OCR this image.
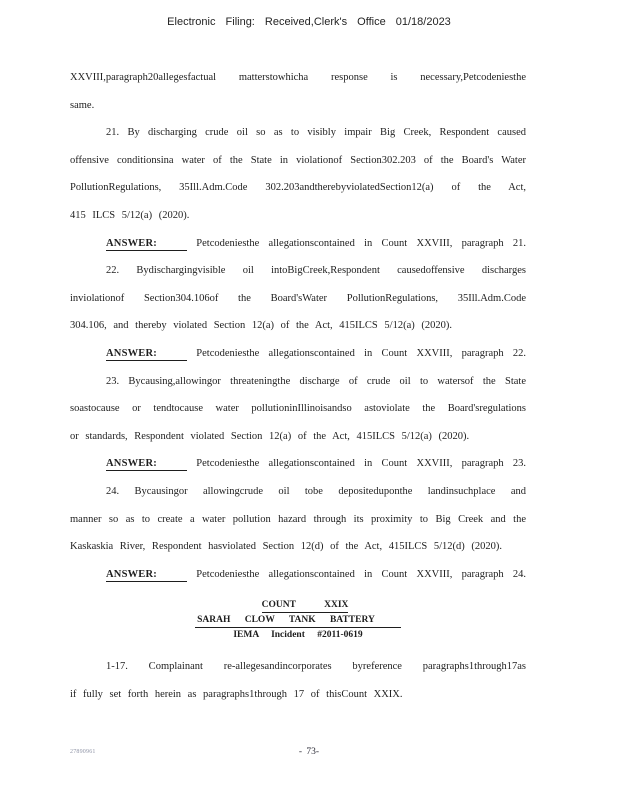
Electronic Filing: Received,Clerk's Office 01/18/2023
XXVIII,paragraph20allegesfactual matterstowhicha response is necessary,Petcodeniesthe
same.
21. By discharging crude oil so as to visibly impair Big Creek, Respondent caused
offensive conditionsina water of the State in violationof Section302.203 of the Board's Water
PollutionRegulations, 35Ill.Adm.Code 302.203andtherebyviolatedSection12(a) of the Act,
415 ILCS 5/12(a) (2020).
ANSWER:	Petcodeniesthe allegationscontained in Count XXVIII, paragraph 21.
22. Bydischargingvisible oil intoBigCreek,Respondent causedoffensive discharges
inviolationof Section304.106of the Board'sWater PollutionRegulations, 35Ill.Adm.Code
304.106, and thereby violated Section 12(a) of the Act, 415ILCS 5/12(a) (2020).
ANSWER:	Petcodeniesthe allegationscontained in Count XXVIII, paragraph 22.
23. Bycausing,allowingor threateningthe discharge of crude oil to watersof the State
soastocause or tendtocause water pollutioninIllinoisandso astoviolate the Board'sregulations
or standards, Respondent violated Section 12(a) of the Act, 415ILCS 5/12(a) (2020).
ANSWER:	Petcodeniesthe allegationscontained in Count XXVIII, paragraph 23.
24. Bycausingor allowingcrude oil tobe depositeduponthe landinsuchplace and
manner so as to create a water pollution hazard through its proximity to Big Creek and the
Kaskaskia River, Respondent hasviolated Section 12(d) of the Act, 415ILCS 5/12(d) (2020).
ANSWER:	Petcodeniesthe allegationscontained in Count XXVIII, paragraph 24.
COUNT XXIX
SARAH CLOW TANK BATTERY
IEMA Incident #2011-0619
1-17. Complainant re-allegesandincorporates byreference paragraphs1through17as
if fully set forth herein as paragraphs1through 17 of thisCount XXIX.
27890961	- 73-
